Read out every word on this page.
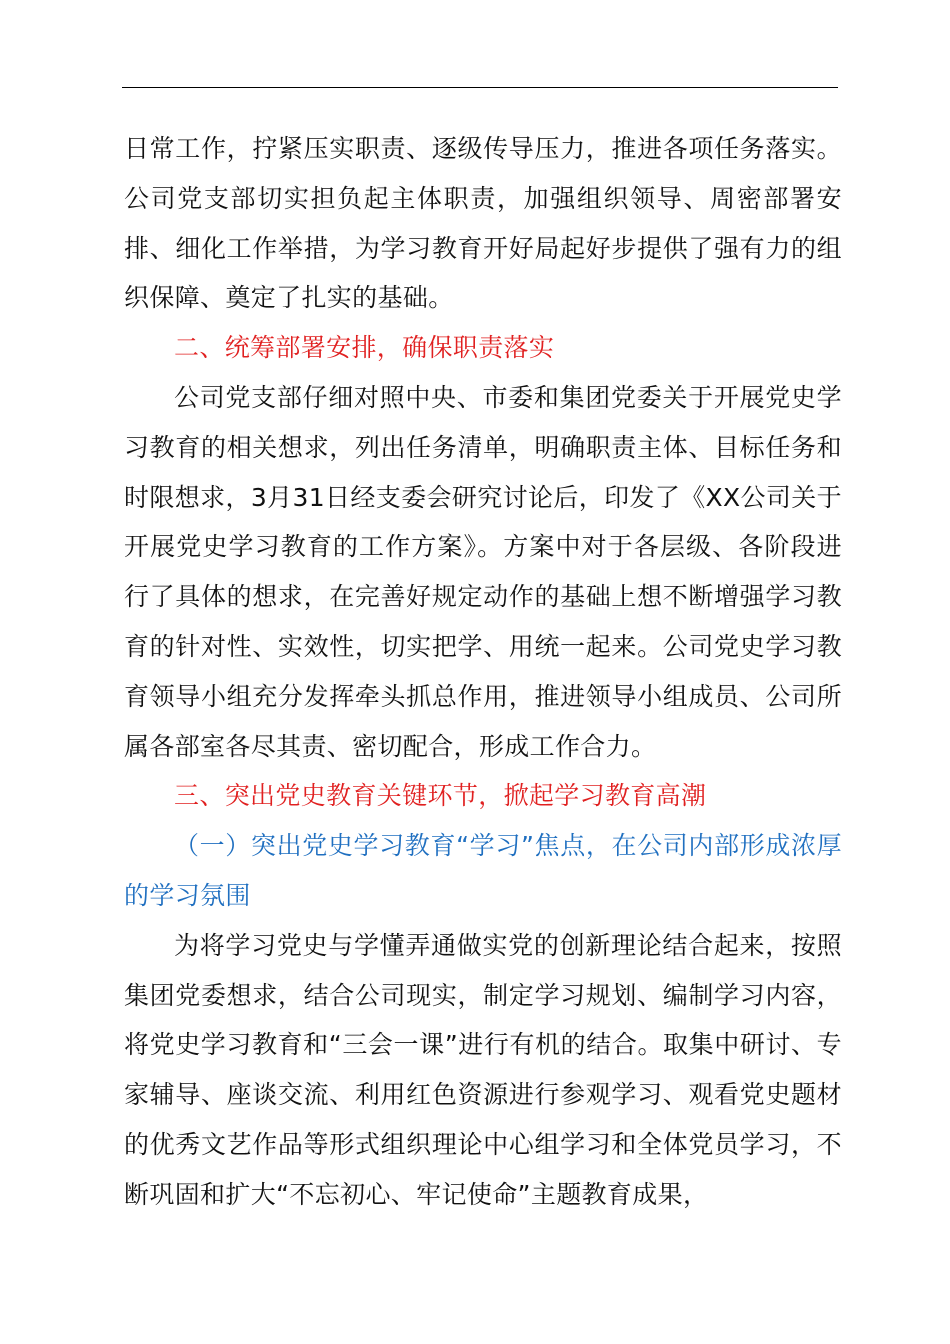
日常工作，拧紧压实职责、逐级传导压力，推进各项任务落实。公司党支部切实担负起主体职责，加强组织领导、周密部署安排、细化工作举措，为学习教育开好局起好步提供了强有力的组织保障、奠定了扎实的基础。

二、统筹部署安排，确保职责落实

公司党支部仔细对照中央、市委和集团党委关于开展党史学习教育的相关想求，列出任务清单，明确职责主体、目标任务和时限想求，3月31日经支委会研究讨论后，印发了《XX公司关于开展党史学习教育的工作方案》。方案中对于各层级、各阶段进行了具体的想求，在完善好规定动作的基础上想不断增强学习教育的针对性、实效性，切实把学、用统一起来。公司党史学习教育领导小组充分发挥牵头抓总作用，推进领导小组成员、公司所属各部室各尽其责、密切配合，形成工作合力。

三、突出党史教育关键环节，掀起学习教育高潮

（一）突出党史学习教育“学习”焦点，在公司内部形成浓厚的学习氛围

为将学习党史与学懂弄通做实党的创新理论结合起来，按照集团党委想求，结合公司现实，制定学习规划、编制学习内容，将党史学习教育和“三会一课”进行有机的结合。取集中研讨、专家辅导、座谈交流、利用红色资源进行参观学习、观看党史题材的优秀文艺作品等形式组织理论中心组学习和全体党员学习，不断巩固和扩大“不忘初心、牢记使命”主题教育成果，
